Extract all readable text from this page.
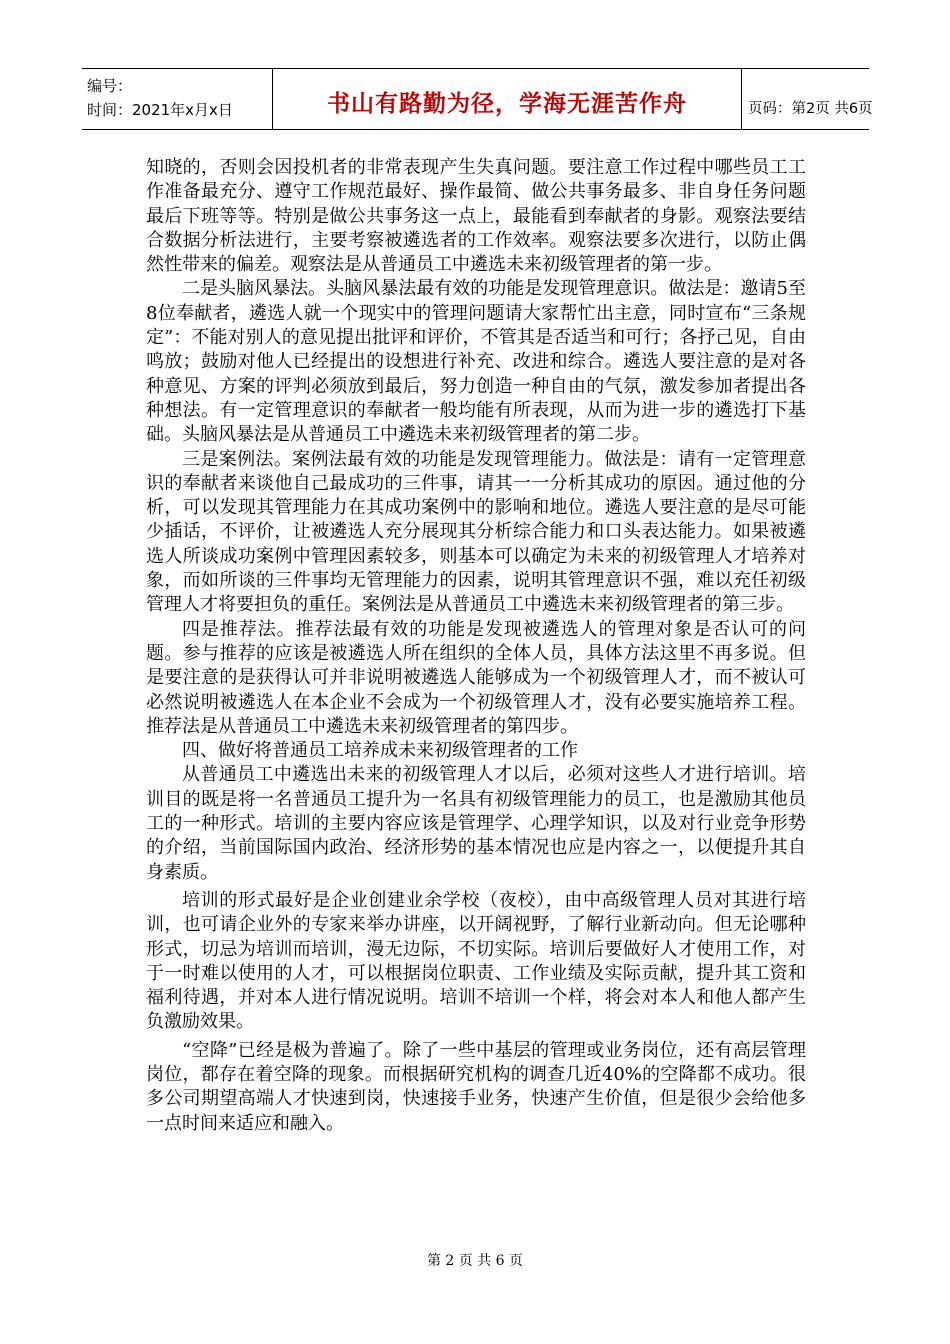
编号：
时间：2021年x月x日	书山有路勤为径，学海无涯苦作舟	页码：第2页 共6页

知晓的，否则会因投机者的非常表现产生失真问题。要注意工作过程中哪些员工工作准备最充分、遵守工作规范最好、操作最简、做公共事务最多、非自身任务问题最后下班等等。特别是做公共事务这一点上，最能看到奉献者的身影。观察法要结合数据分析法进行，主要考察被遴选者的工作效率。观察法要多次进行，以防止偶然性带来的偏差。观察法是从普通员工中遴选未来初级管理者的第一步。

二是头脑风暴法。头脑风暴法最有效的功能是发现管理意识。做法是：邀请5至8位奉献者，遴选人就一个现实中的管理问题请大家帮忙出主意，同时宣布“三条规定”：不能对别人的意见提出批评和评价，不管其是否适当和可行；各抒己见，自由鸣放；鼓励对他人已经提出的设想进行补充、改进和综合。遴选人要注意的是对各种意见、方案的评判必须放到最后，努力创造一种自由的气氛，激发参加者提出各种想法。有一定管理意识的奉献者一般均能有所表现，从而为进一步的遴选打下基础。头脑风暴法是从普通员工中遴选未来初级管理者的第二步。

三是案例法。案例法最有效的功能是发现管理能力。做法是：请有一定管理意识的奉献者来谈他自己最成功的三件事，请其一一分析其成功的原因。通过他的分析，可以发现其管理能力在其成功案例中的影响和地位。遴选人要注意的是尽可能少插话，不评价，让被遴选人充分展现其分析综合能力和口头表达能力。如果被遴选人所谈成功案例中管理因素较多，则基本可以确定为未来的初级管理人才培养对象，而如所谈的三件事均无管理能力的因素，说明其管理意识不强，难以充任初级管理人才将要担负的重任。案例法是从普通员工中遴选未来初级管理者的第三步。

四是推荐法。推荐法最有效的功能是发现被遴选人的管理对象是否认可的问题。参与推荐的应该是被遴选人所在组织的全体人员，具体方法这里不再多说。但是要注意的是获得认可并非说明被遴选人能够成为一个初级管理人才，而不被认可必然说明被遴选人在本企业不会成为一个初级管理人才，没有必要实施培养工程。推荐法是从普通员工中遴选未来初级管理者的第四步。

四、做好将普通员工培养成未来初级管理者的工作

从普通员工中遴选出未来的初级管理人才以后，必须对这些人才进行培训。培训目的既是将一名普通员工提升为一名具有初级管理能力的员工，也是激励其他员工的一种形式。培训的主要内容应该是管理学、心理学知识，以及对行业竞争形势的介绍，当前国际国内政治、经济形势的基本情况也应是内容之一，以便提升其自身素质。

培训的形式最好是企业创建业余学校（夜校），由中高级管理人员对其进行培训，也可请企业外的专家来举办讲座，以开阔视野，了解行业新动向。但无论哪种形式，切忌为培训而培训，漫无边际，不切实际。培训后要做好人才使用工作，对于一时难以使用的人才，可以根据岗位职责、工作业绩及实际贡献，提升其工资和福利待遇，并对本人进行情况说明。培训不培训一个样，将会对本人和他人都产生负激励效果。

“空降”已经是极为普遍了。除了一些中基层的管理或业务岗位，还有高层管理岗位，都存在着空降的现象。而根据研究机构的调查几近40%的空降都不成功。很多公司期望高端人才快速到岗，快速接手业务，快速产生价值，但是很少会给他多一点时间来适应和融入。

第 2 页 共 6 页
